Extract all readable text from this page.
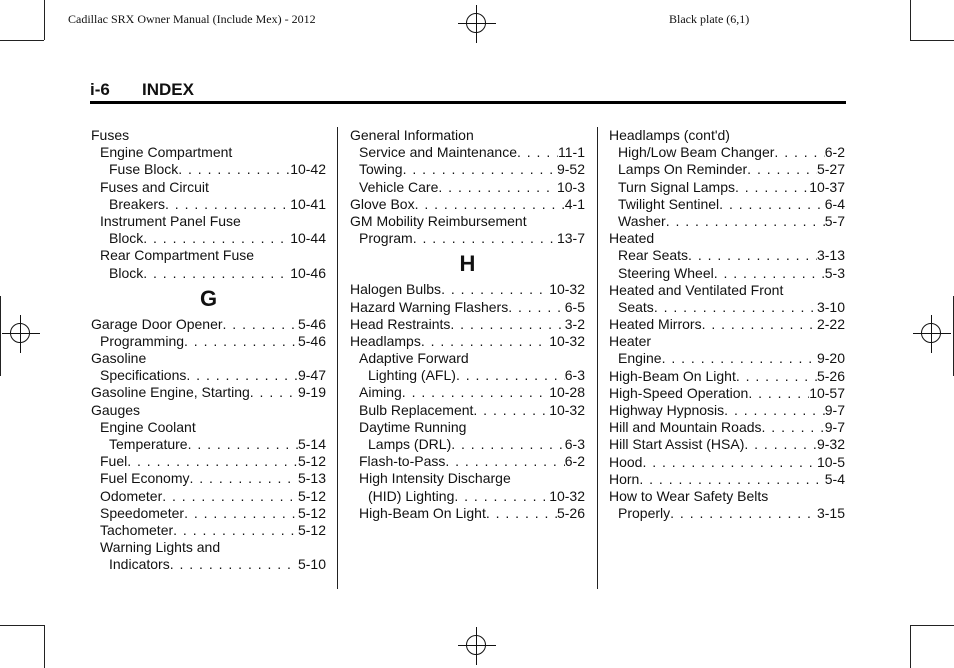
Cadillac SRX Owner Manual (Include Mex) - 2012	Black plate (6,1)
i-6 INDEX
Fuses
Engine Compartment
Fuse Block . . .	10-42
Fuses and Circuit
Breakers . . .	10-41
Instrument Panel Fuse
Block . . .	10-44
Rear Compartment Fuse
Block . . .	10-46
G
Garage Door Opener . . .	5-46
Programming . . .	5-46
Gasoline
Specifications . . .	9-47
Gasoline Engine, Starting . . .	9-19
Gauges
Engine Coolant
Temperature . . .	5-14
Fuel . . .	5-12
Fuel Economy . . .	5-13
Odometer . . .	5-12
Speedometer . . .	5-12
Tachometer . . .	5-12
Warning Lights and
Indicators . . .	5-10
General Information
Service and Maintenance . . .	11-1
Towing . . .	9-52
Vehicle Care . . .	10-3
Glove Box . . .	4-1
GM Mobility Reimbursement
Program . . .	13-7
H
Halogen Bulbs . . .	10-32
Hazard Warning Flashers . . .	6-5
Head Restraints . . .	3-2
Headlamps . . .	10-32
Adaptive Forward
Lighting (AFL) . . .	6-3
Aiming . . .	10-28
Bulb Replacement . . .	10-32
Daytime Running
Lamps (DRL) . . .	6-3
Flash-to-Pass . . .	6-2
High Intensity Discharge
(HID) Lighting . . .	10-32
High-Beam On Light . . .	5-26
Headlamps (cont'd)
High/Low Beam Changer . . .	6-2
Lamps On Reminder . . .	5-27
Turn Signal Lamps . . .	10-37
Twilight Sentinel . . .	6-4
Washer . . .	5-7
Heated
Rear Seats . . .	3-13
Steering Wheel . . .	5-3
Heated and Ventilated Front
Seats . . .	3-10
Heated Mirrors . . .	2-22
Heater
Engine . . .	9-20
High-Beam On Light . . .	5-26
High-Speed Operation . . .	10-57
Highway Hypnosis . . .	9-7
Hill and Mountain Roads . . .	9-7
Hill Start Assist (HSA) . . .	9-32
Hood . . .	10-5
Horn . . .	5-4
How to Wear Safety Belts
Properly . . .	3-15
